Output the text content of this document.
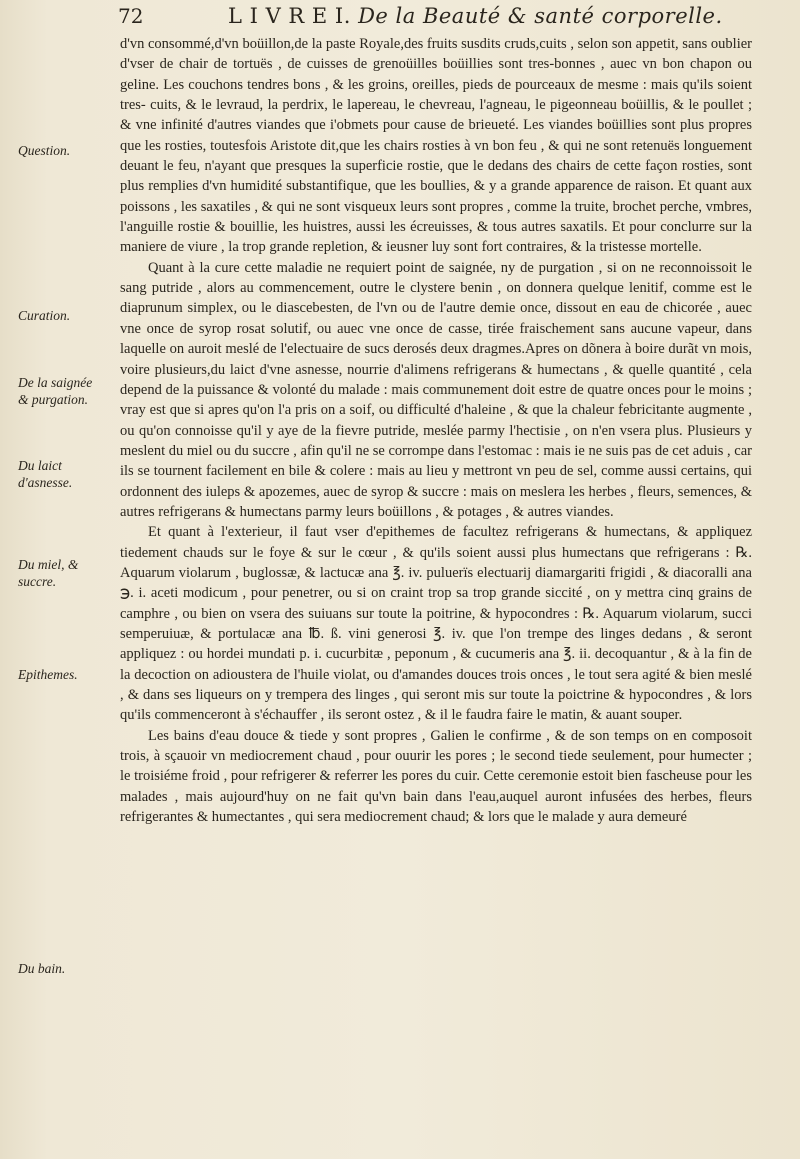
72	L I V R E I. De la Beauté & santé corporelle.
Question.
Curation.
De la saignée & purgation.
Du laict d'asnesse.
Du miel, & succre.
Epithemes.
Du bain.

d'vn consommé,d'vn boüillon,de la paste Royale,des fruits susdits cruds,cuits , selon son appetit, sans oublier d'vser de chair de tortuës , de cuisses de grenoüilles boüillies sont tres-bonnes , auec vn bon chapon ou geline. Les couchons tendres bons , & les groins, oreilles, pieds de pourceaux de mesme : mais qu'ils soient tres- cuits, & le levraud, la perdrix, le lapereau, le chevreau, l'agneau, le pigeonneau boüillis, & le poullet ; & vne infinité d'autres viandes que i'obmets pour cause de brieueté. Les viandes boüillies sont plus propres que les rosties, toutesfois Aristote dit,que les chairs rosties à vn bon feu , & qui ne sont retenuës longuement deuant le feu, n'ayant que presques la superficie rostie, que le dedans des chairs de cette façon rosties, sont plus remplies d'vn humidité substantifique, que les boullies, & y a grande apparence de raison. Et quant aux poissons , les saxatiles , & qui ne sont visqueux leurs sont propres , comme la truite, brochet perche, vmbres, l'anguille rostie & bouillie, les huistres, aussi les écreuisses, & tous autres saxatils. Et pour conclurre sur la maniere de viure , la trop grande repletion, & ieusner luy sont fort contraires, & la tristesse mortelle.

Quant à la cure cette maladie ne requiert point de saignée, ny de purgation , si on ne reconnoissoit le sang putride , alors au commencement, outre le clystere benin , on donnera quelque lenitif, comme est le diaprunum simplex, ou le diascebesten, de l'vn ou de l'autre demie once, dissout en eau de chicorée , auec vne once de syrop rosat solutif, ou auec vne once de casse, tirée fraischement sans aucune vapeur, dans laquelle on auroit meslé de l'electuaire de sucs derosés deux dragmes.Apres on dõnera à boire durãt vn mois, voire plusieurs,du laict d'vne asnesse, nourrie d'alimens refrigerans & humectans , & quelle quantité , cela depend de la puissance & volonté du malade : mais communement doit estre de quatre onces pour le moins ; vray est que si apres qu'on l'a pris on a soif, ou difficulté d'haleine , & que la chaleur febricitante augmente , ou qu'on connoisse qu'il y aye de la fievre putride, meslée parmy l'hectisie , on n'en vsera plus. Plusieurs y meslent du miel ou du succre , afin qu'il ne se corrompe dans l'estomac : mais ie ne suis pas de cet aduis , car ils se tournent facilement en bile & colere : mais au lieu y mettront vn peu de sel, comme aussi certains, qui ordonnent des iuleps & apozemes, auec de syrop & succre : mais on meslera les herbes , fleurs, semences, & autres refrigerans & humectans parmy leurs boüillons , & potages , & autres viandes.

Et quant à l'exterieur, il faut vser d'epithemes de facultez refrigerans & humectans, & appliquez tiedement chauds sur le foye & sur le cœur , & qu'ils soient aussi plus humectans que refrigerans : ℞. Aquarum violarum , buglossæ, & lactucæ ana ℥. iv. puluerïs electuarij diamargariti frigidi , & diacoralli ana ℈. i. aceti modicum , pour penetrer, ou si on craint trop sa trop grande siccité , on y mettra cinq grains de camphre , ou bien on vsera des suiuans sur toute la poitrine, & hypocondres : ℞. Aquarum violarum, succi semperuiuæ, & portulacæ ana ℔. ß. vini generosi ℥. iv. que l'on trempe des linges dedans , & seront appliquez : ou hordei mundati p. i. cucurbitæ , peponum , & cucumeris ana ℥. ii. decoquantur , & à la fin de la decoction on adioustera de l'huile violat, ou d'amandes douces trois onces , le tout sera agité & bien meslé , & dans ses liqueurs on y trempera des linges , qui seront mis sur toute la poictrine & hypocondres , & lors qu'ils commenceront à s'échauffer , ils seront ostez , & il le faudra faire le matin, & auant souper.

Les bains d'eau douce & tiede y sont propres , Galien le confirme , & de son temps on en composoit trois, à sçauoir vn mediocrement chaud , pour ouurir les pores ; le second tiede seulement, pour humecter ; le troisiéme froid , pour refrigerer & referrer les pores du cuir. Cette ceremonie estoit bien fascheuse pour les malades , mais aujourd'huy on ne fait qu'vn bain dans l'eau,auquel auront infusées des herbes, fleurs refrigerantes & humectantes , qui sera mediocrement chaud; & lors que le malade y aura demeuré
